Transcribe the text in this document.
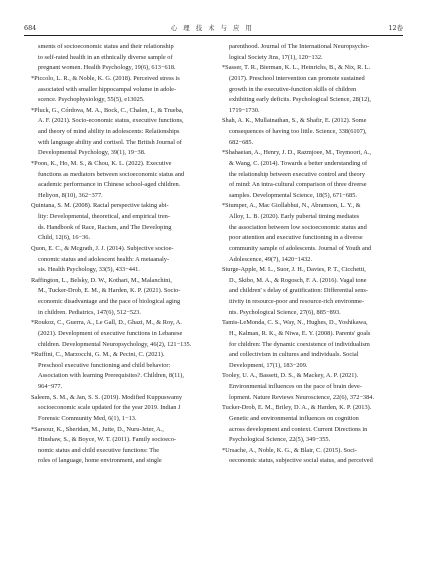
684	心 理 技 术 与 应 用	12卷
sments of socioeconomic status and their relationship
to self-rated health in an ethnically diverse sample of
pregnant women. Health Psychology, 19(6), 613−618.
*Piccolo, L. R., & Noble, K. G. (2018). Perceived stress is
associated with smaller hippocampal volume in adole-
scence. Psychophysiology, 55(5), e13025.
*Pluck, G., Córdova, M. A., Bock, C., Chalen, I., & Trueba,
A. F. (2021). Socio-economic status, executive functions,
and theory of mind ability in adolescents: Relationships
with language ability and cortisol. The British Journal of
Developmental Psychology, 39(1), 19−38.
*Poon, K., Ho, M. S., & Chou, K. L. (2022). Executive
functions as mediators between socioeconomic status and
academic performance in Chinese school-aged children.
Heliyon, 8(10), 362−377.
Quintana, S. M. (2008). Racial perspective taking abi-
lity: Developmental, theoretical, and empirical tren-
ds. Handbook of Race, Racism, and The Developing
Child, 12(6), 16−36.
Quon, E. C., & Mcgrath, J. J. (2014). Subjective socioe-
conomic status and adolescent health: A metaanaly-
sis. Health Psychology, 33(5), 433−441.
Raffington, L., Belsky, D. W., Kothari, M., Malanchini,
M., Tucker-Drob, E. M., & Harden, K. P. (2021). Socio-
economic disadvantage and the pace of biological aging
in children. Pediatrics, 147(6), 512−523.
*Roukoz, C., Guerra, A., Le Gall, D., Ghazi, M., & Roy, A.
(2021). Development of executive functions in Lebanese
children. Developmental Neuropsychology, 46(2), 121−135.
*Ruffini, C., Marzocchi, G. M., & Pecini, C. (2021).
Preschool executive functioning and child behavior:
Association with learning Prerequisites?. Children, 8(11),
964−977.
Saleem, S. M., & Jan, S. S. (2019). Modified Kuppuswamy
socioeconomic scale updated for the year 2019. Indian J
Forensic Community Med, 6(1), 1−13.
*Sarsour, K., Sheridan, M., Jutte, D., Nuru-Jeter, A.,
Hinshaw, S., & Boyce, W. T. (2011). Family socioeco-
nomic status and child executive functions: The
roles of language, home environment, and single
parenthood. Journal of The International Neuropsycho-
logical Society Jins, 17(1), 120−132.
*Sasser, T. R., Bierman, K. L., Heinrichs, B., & Nix, R. L.
(2017). Preschool intervention can promote sustained
growth in the executive-function skills of children
exhibiting early deficits. Psychological Science, 28(12),
1719−1730.
Shah, A. K., Mullainathan, S., & Shafir, E. (2012). Some
consequences of having too little. Science, 338(6107),
682−685.
*Shahaeian, A., Henry, J. D., Razmjoee, M., Teymoori, A.,
& Wang, C. (2014). Towards a better understanding of
the relationship between executive control and theory
of mind: An intra-cultural comparison of three diverse
samples. Developmental Science, 18(5), 671−685.
*Stumper, A., Mac Giollabhui, N., Abramson, L. Y., &
Alloy, L. B. (2020). Early pubertal timing mediates
the association between low socioeconomic status and
poor attention and executive functioning in a diverse
community sample of adolescents. Journal of Youth and
Adolescence, 49(7), 1420−1432.
Sturge-Apple, M. L., Suor, J. H., Davies, P. T., Cicchetti,
D., Skibo, M. A., & Rogosch, F. A. (2016). Vagal tone
and children' s delay of gratification: Differential sens-
itivity in resource-poor and resource-rich environme-
nts. Psychological Science, 27(6), 885−893.
Tamis-LeMonda, C. S., Way, N., Hughes, D., Yoshikawa,
H., Kalman, R. K., & Niwa, E. Y. (2008). Parents' goals
for children: The dynamic coexistence of individualism
and collectivism in cultures and individuals. Social
Development, 17(1), 183−209.
Tooley, U. A., Bassett, D. S., & Mackey, A. P. (2021).
Environmental influences on the pace of brain deve-
lopment. Nature Reviews Neuroscience, 22(6), 372−384.
Tucker-Drob, E. M., Briley, D. A., & Harden, K. P. (2013).
Genetic and environmental influences on cognition
across development and context. Current Directions in
Psychological Science, 22(5), 349−355.
*Ursache, A., Noble, K. G., & Blair, C. (2015). Soci-
oeconomic status, subjective social status, and perceived
